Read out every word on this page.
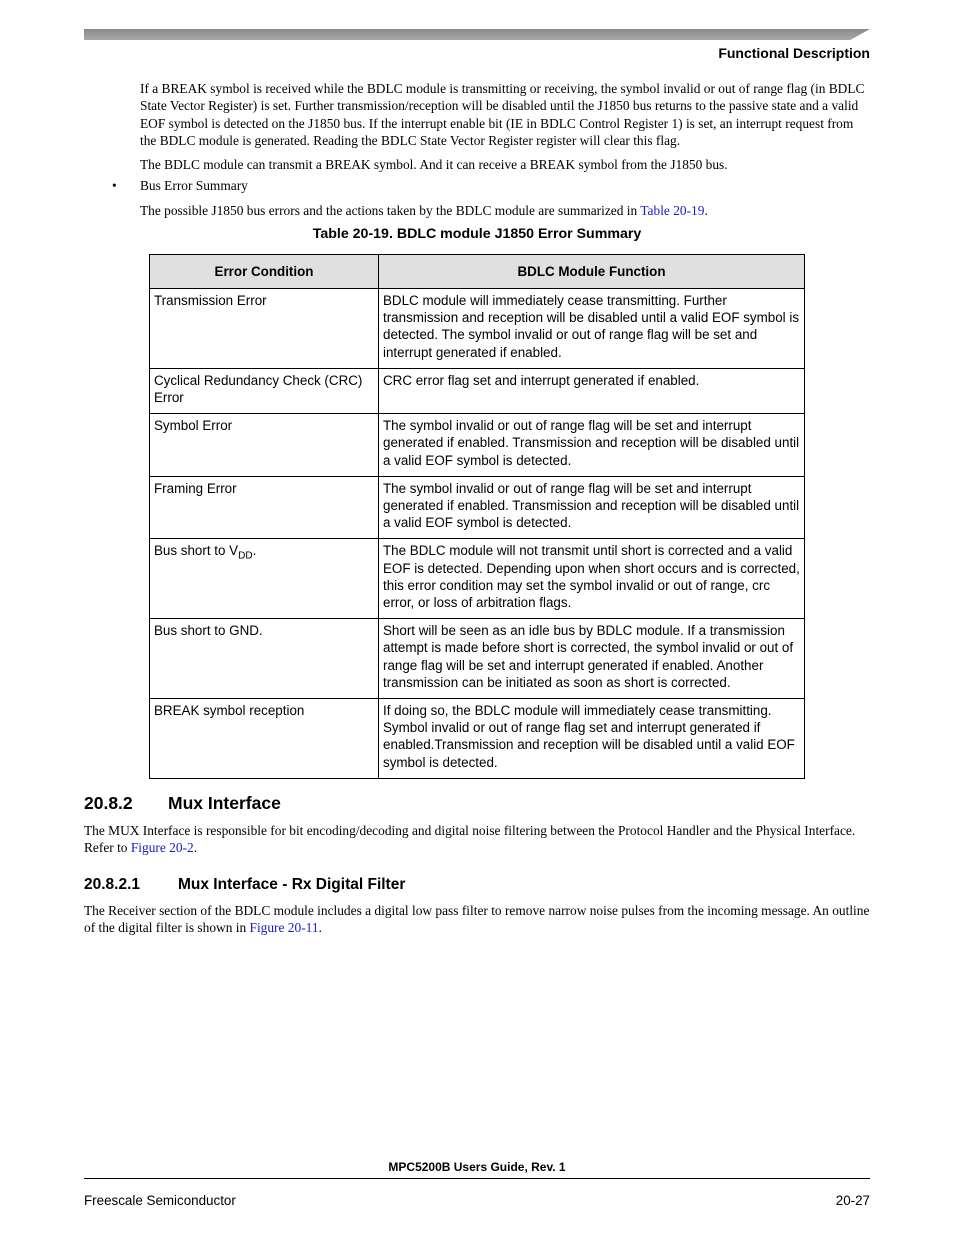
Functional Description

If a BREAK symbol is received while the BDLC module is transmitting or receiving, the symbol invalid or out of range flag (in BDLC State Vector Register) is set. Further transmission/reception will be disabled until the J1850 bus returns to the passive state and a valid EOF symbol is detected on the J1850 bus. If the interrupt enable bit (IE in BDLC Control Register 1) is set, an interrupt request from the BDLC module is generated. Reading the BDLC State Vector Register register will clear this flag.

The BDLC module can transmit a BREAK symbol. And it can receive a BREAK symbol from the J1850 bus.

• Bus Error Summary

The possible J1850 bus errors and the actions taken by the BDLC module are summarized in Table 20-19.

Table 20-19. BDLC module J1850 Error Summary
Error Condition	BDLC Module Function
Transmission Error	BDLC module will immediately cease transmitting. Further transmission and reception will be disabled until a valid EOF symbol is detected. The symbol invalid or out of range flag will be set and interrupt generated if enabled.
Cyclical Redundancy Check (CRC) Error	CRC error flag set and interrupt generated if enabled.
Symbol Error	The symbol invalid or out of range flag will be set and interrupt generated if enabled. Transmission and reception will be disabled until a valid EOF symbol is detected.
Framing Error	The symbol invalid or out of range flag will be set and interrupt generated if enabled. Transmission and reception will be disabled until a valid EOF symbol is detected.
Bus short to $V_{DD}$.	The BDLC module will not transmit until short is corrected and a valid EOF is detected. Depending upon when short occurs and is corrected, this error condition may set the symbol invalid or out of range, crc error, or loss of arbitration flags.
Bus short to GND.	Short will be seen as an idle bus by BDLC module. If a transmission attempt is made before short is corrected, the symbol invalid or out of range flag will be set and interrupt generated if enabled. Another transmission can be initiated as soon as short is corrected.
BREAK symbol reception	If doing so, the BDLC module will immediately cease transmitting. Symbol invalid or out of range flag set and interrupt generated if enabled.Transmission and reception will be disabled until a valid EOF symbol is detected.
20.8.2 Mux Interface

The MUX Interface is responsible for bit encoding/decoding and digital noise filtering between the Protocol Handler and the Physical Interface. Refer to Figure 20-2.

20.8.2.1 Mux Interface - Rx Digital Filter

The Receiver section of the BDLC module includes a digital low pass filter to remove narrow noise pulses from the incoming message. An outline of the digital filter is shown in Figure 20-11.

MPC5200B Users Guide, Rev. 1
Freescale Semiconductor	20-27
